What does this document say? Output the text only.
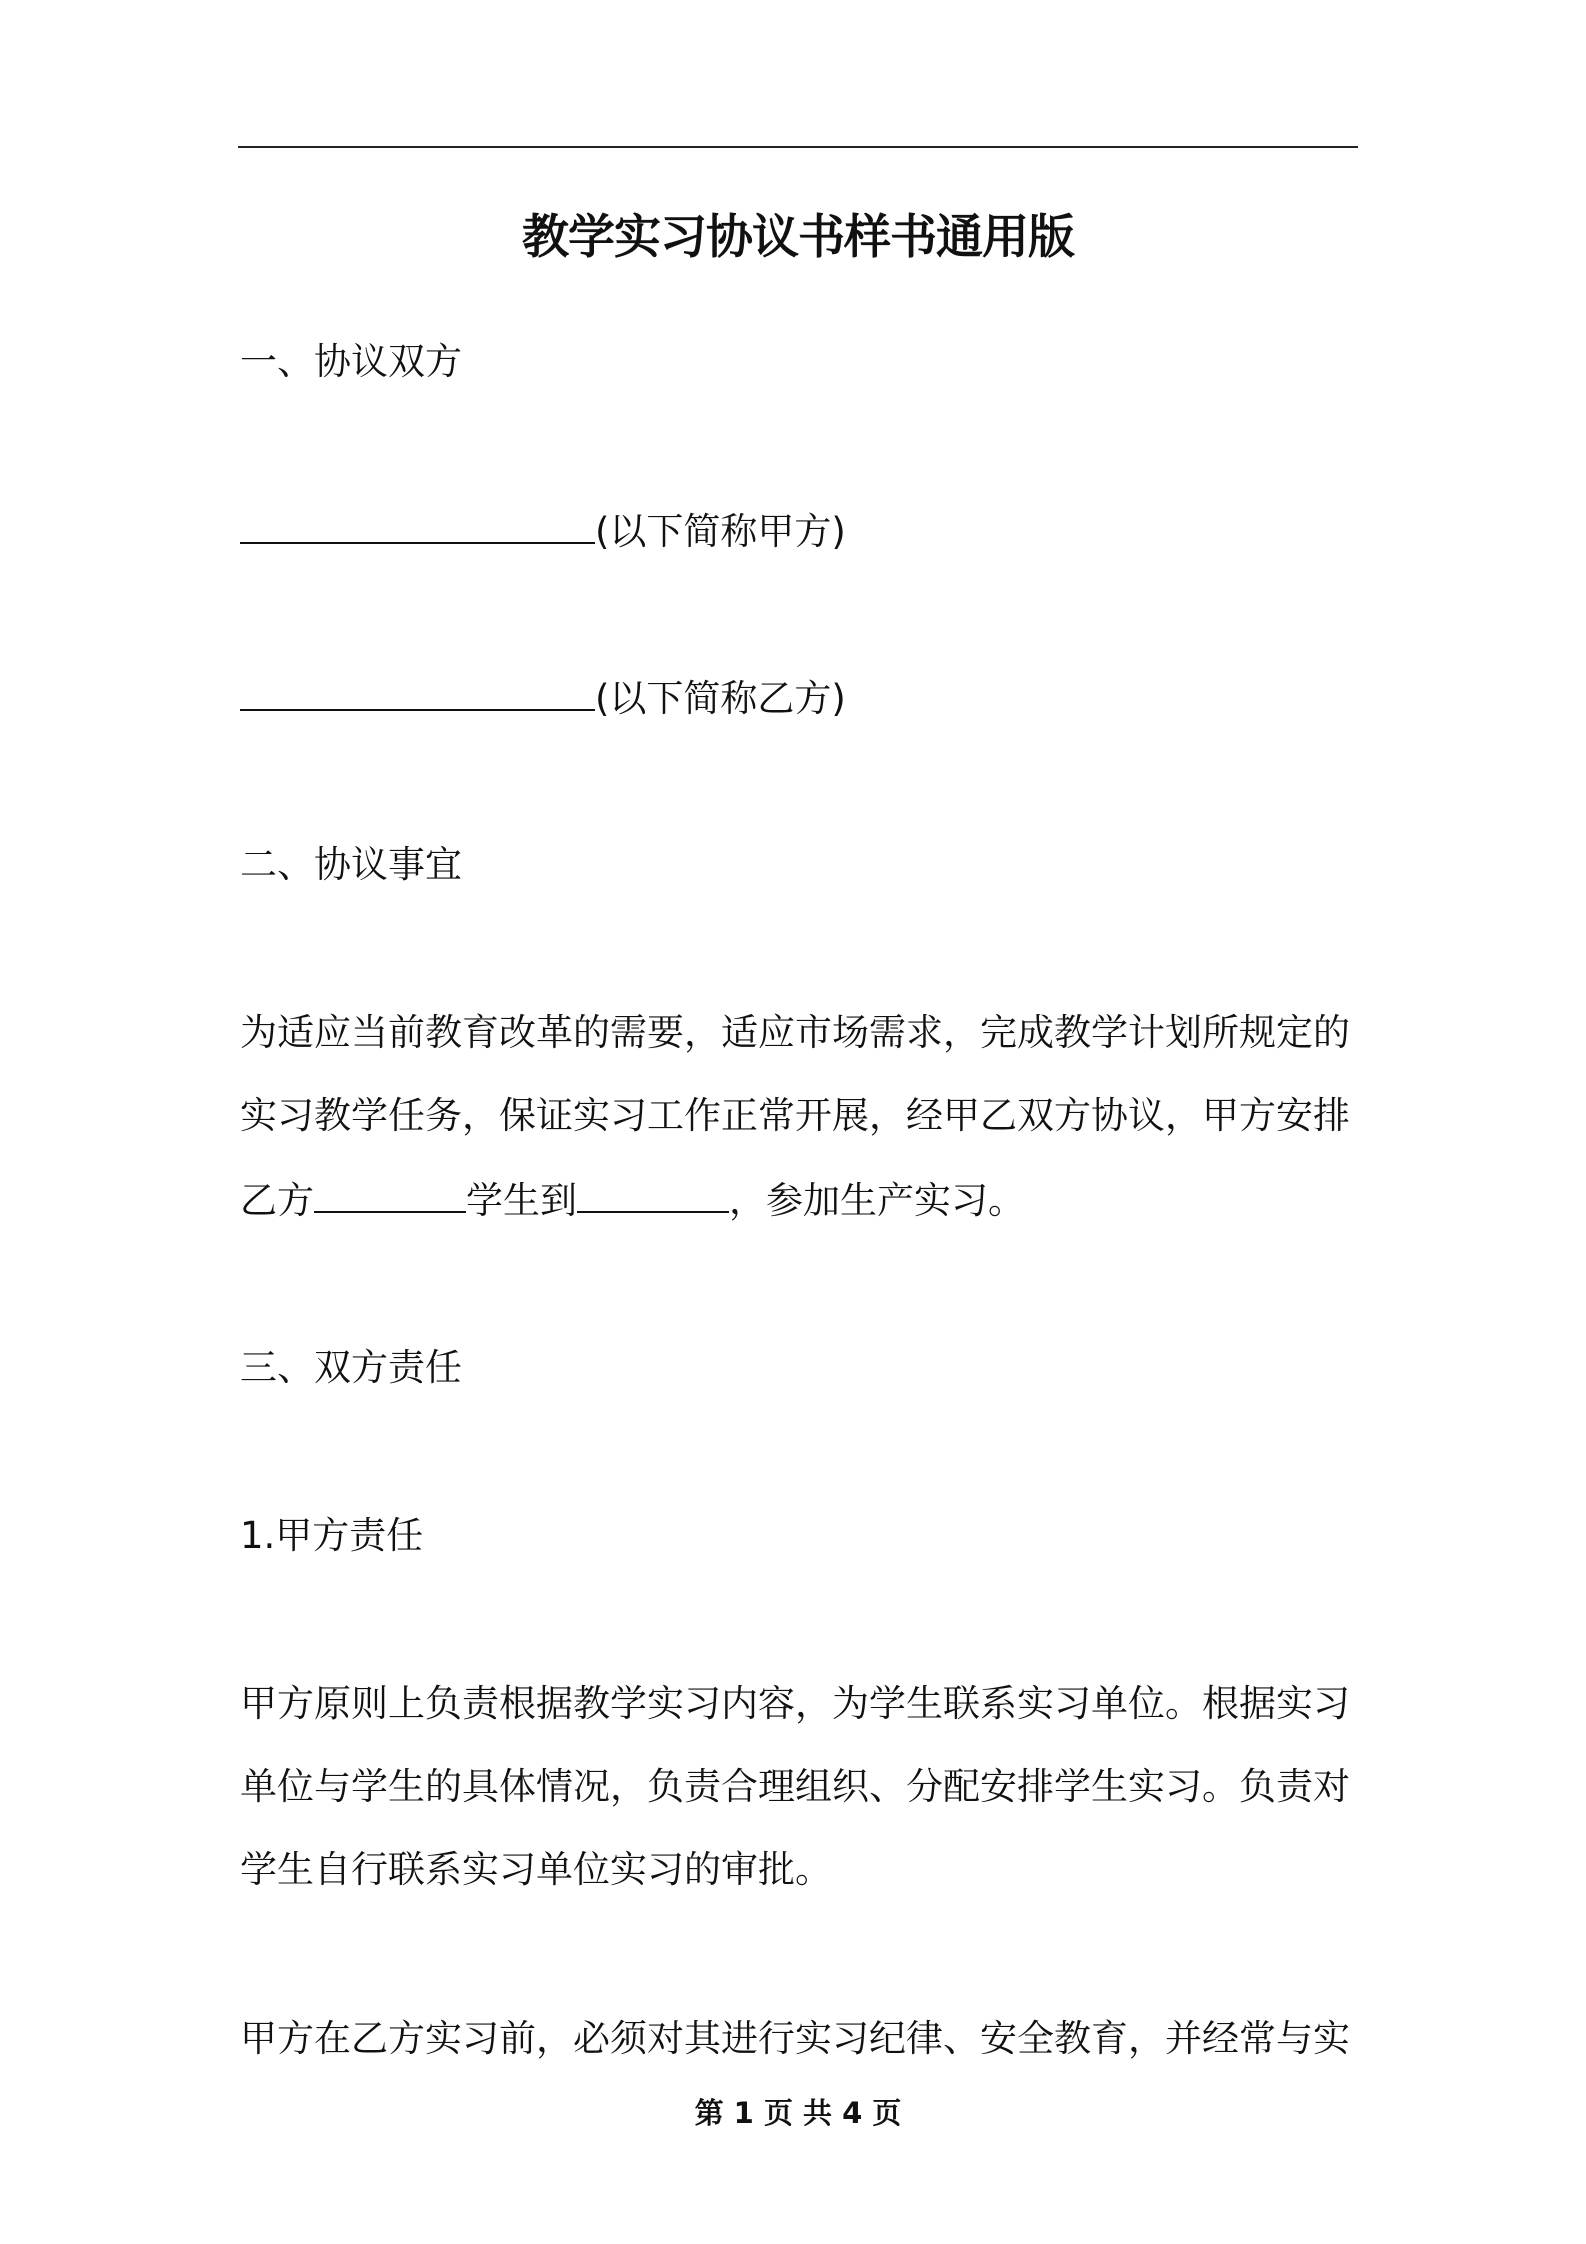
教学实习协议书样书通用版
一、协议双方
(以下简称甲方)
(以下简称乙方)
二、协议事宜
为适应当前教育改革的需要，适应市场需求，完成教学计划所规定的
实习教学任务，保证实习工作正常开展，经甲乙双方协议，甲方安排
乙方	学生到	，参加生产实习。
三、双方责任
1.甲方责任
甲方原则上负责根据教学实习内容，为学生联系实习单位。根据实习
单位与学生的具体情况，负责合理组织、分配安排学生实习。负责对
学生自行联系实习单位实习的审批。
甲方在乙方实习前，必须对其进行实习纪律、安全教育，并经常与实
第 1 页 共 4 页
